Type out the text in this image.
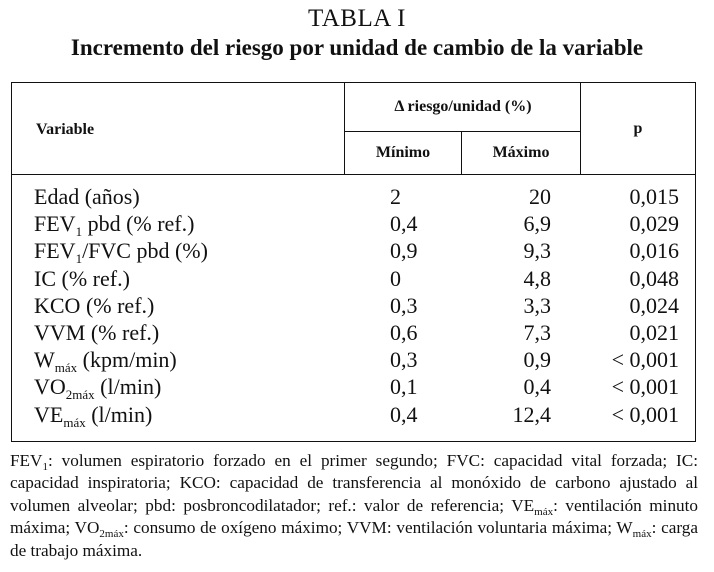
TABLA I
Incremento del riesgo por unidad de cambio de la variable
Variable
Δ riesgo/unidad (%)
Mínimo	Máximo
p
Edad (años)	2	20	0,015
$FEV_1$ pbd (% ref.)	0,4	6,9	0,029
$FEV_1$/FVC pbd (%)	0,9	9,3	0,016
IC (% ref.)	0	4,8	0,048
KCO (% ref.)	0,3	3,3	0,024
VVM (% ref.)	0,6	7,3	0,021
$W_{máx}$ (kpm/min)	0,3	0,9	< 0,001
$VO_{2máx}$ (l/min)	0,1	0,4	< 0,001
$VE_{máx}$ (l/min)	0,4	12,4	< 0,001
$FEV_1$: volumen espiratorio forzado en el primer segundo; FVC: capacidad vital forzada; IC: capacidad inspiratoria; KCO: capacidad de transferencia al monóxido de carbono ajustado al volumen alveolar; pbd: posbroncodilatador; ref.: valor de referencia; $VE_{máx}$: ventilación minuto máxima; $VO_{2máx}$: consumo de oxígeno máximo; VVM: ventilación voluntaria máxima; $W_{máx}$: carga de trabajo máxima.
